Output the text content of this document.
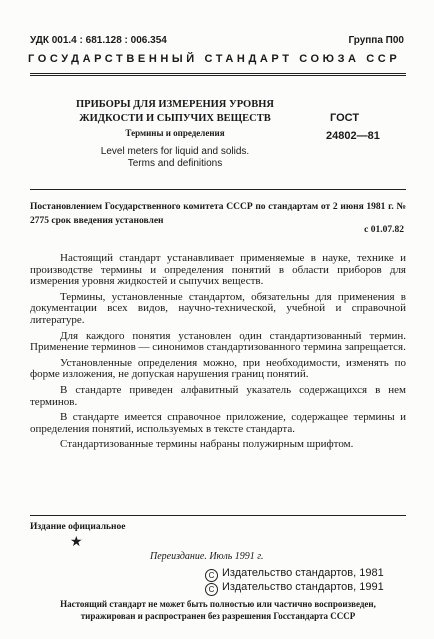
УДК 001.4 : 681.128 : 006.354	Группа П00
ГОСУДАРСТВЕННЫЙ СТАНДАРТ СОЮЗА ССР
ПРИБОРЫ ДЛЯ ИЗМЕРЕНИЯ УРОВНЯ
ЖИДКОСТИ И СЫПУЧИХ ВЕЩЕСТВ
Термины и определения
Level meters for liquid and solids.
Terms and definitions
ГОСТ
24802—81
Постановлением Государственного комитета СССР по стандартам от 2 июня 1981 г. № 2775 срок введения установлен
с 01.07.82

Настоящий стандарт устанавливает применяемые в науке, технике и производстве термины и определения понятий в области приборов для измерения уровня жидкостей и сыпучих веществ.

Термины, установленные стандартом, обязательны для применения в документации всех видов, научно-технической, учебной и справочной литературе.

Для каждого понятия установлен один стандартизованный термин. Применение терминов — синонимов стандартизованного термина запрещается.

Установленные определения можно, при необходимости, изменять по форме изложения, не допуская нарушения границ понятий.

В стандарте приведен алфавитный указатель содержащихся в нем терминов.

В стандарте имеется справочное приложение, содержащее термины и определения понятий, используемых в тексте стандарта.

Стандартизованные термины набраны полужирным шрифтом.

Издание официальное
★
Переиздание. Июль 1991 г.
C Издательство стандартов, 1981
C Издательство стандартов, 1991
Настоящий стандарт не может быть полностью или частично воспроизведен,
тиражирован и распространен без разрешения Госстандарта СССР
